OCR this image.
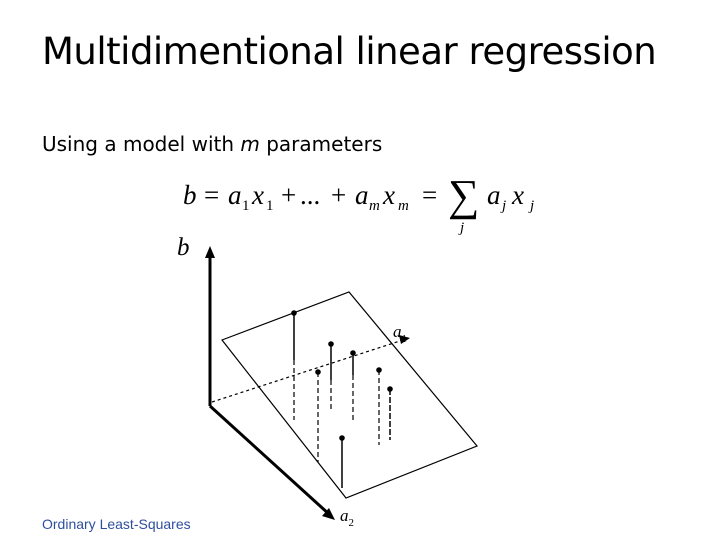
Multidimentional linear regression
Using a model with m parameters
b = a 1 x 1 + ... + a m x m = ∑
j
a j x j
b
$a_2$
$a_1$
Ordinary Least-Squares
